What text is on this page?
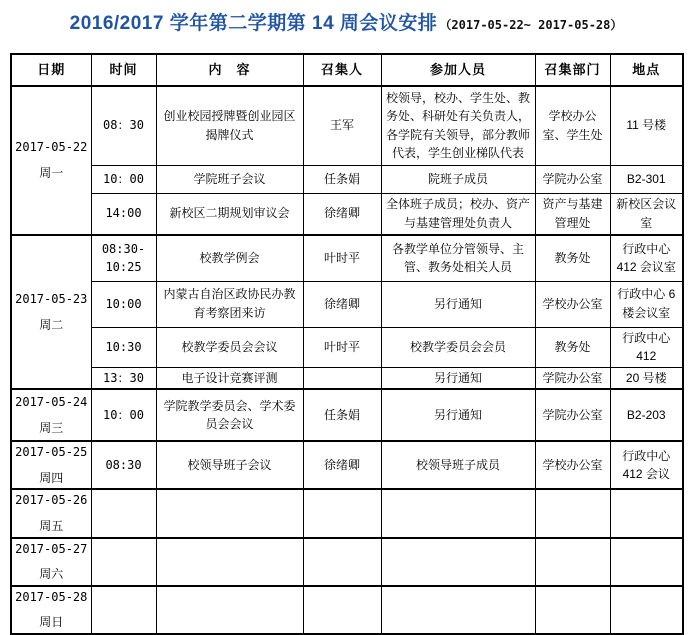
2016/2017 学年第二学期第 14 周会议安排 （2017-05-22~ 2017-05-28）
日期	时间	内　容	召集人	参加人员	召集部门	地点

2017-05-22
周一	08：30	创业校园授牌暨创业园区揭牌仪式	王军	校领导，校办、学生处、教务处、科研处有关负责人，各学院有关领导，部分教师代表，学生创业梯队代表	学校办公室、学生处	11 号楼
	10：00	学院班子会议	任条娟	院班子成员	学院办公室	B2-301
	14:00	新校区二期规划审议会	徐绪卿	全体班子成员；校办、资产与基建管理处负责人	资产与基建管理处	新校区会议室

2017-05-23
周二	08:30-10:25	校教学例会	叶时平	各教学单位分管领导、主管、教务处相关人员	教务处	行政中心 412 会议室
	10:00	内蒙古自治区政协民办教育考察团来访	徐绪卿	另行通知	学校办公室	行政中心 6 楼会议室
	10:30	校教学委员会会议	叶时平	校教学委员会会员	教务处	行政中心 412
	13：30	电子设计竞赛评测		另行通知	学院办公室	20 号楼

2017-05-24
周三	10：00	学院教学委员会、学术委员会会议	任条娟	另行通知	学院办公室	B2-203

2017-05-25
周四	08:30	校领导班子会议	徐绪卿	校领导班子成员	学校办公室	行政中心 412 会议

2017-05-26
周五						

2017-05-27
周六						

2017-05-28
周日						
